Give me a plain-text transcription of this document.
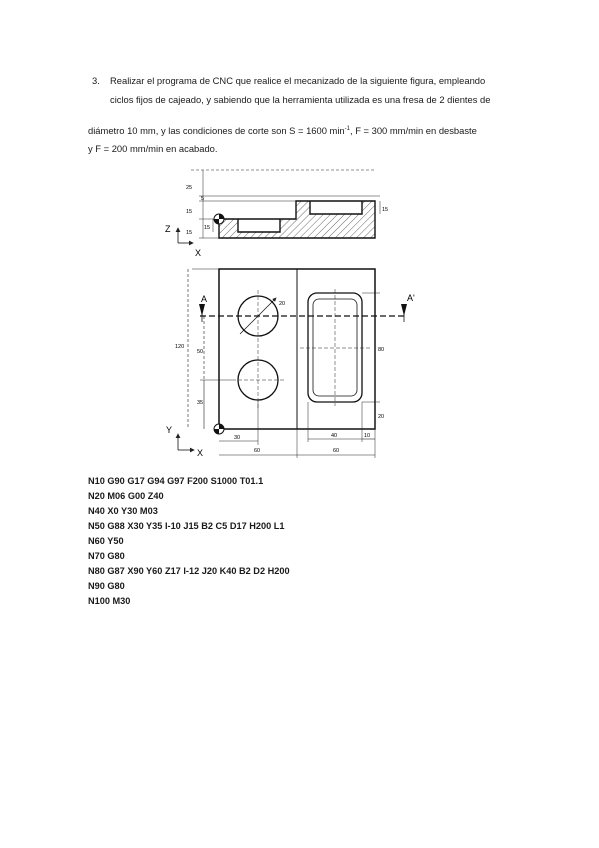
3. Realizar el programa de CNC que realice el mecanizado de la siguiente figura, empleando
ciclos fijos de cajeado, y sabiendo que la herramienta utilizada es una fresa de 2 dientes de
diámetro 10 mm, y las condiciones de corte son S = 1600 $\min^{-1}$, F = 300 mm/min en desbaste
y F = 200 mm/min en acabado.
25
5
15
15
15
15
Z
X
A	A'
20
120
50
35
80
20
30
60
40	10
60
Y
X
N10 G90 G17 G94 G97 F200 S1000 T01.1
N20 M06 G00 Z40
N40 X0 Y30 M03
N50 G88 X30 Y35 I-10 J15 B2 C5 D17 H200 L1
N60 Y50
N70 G80
N80 G87 X90 Y60 Z17 I-12 J20 K40 B2 D2 H200
N90 G80
N100 M30
